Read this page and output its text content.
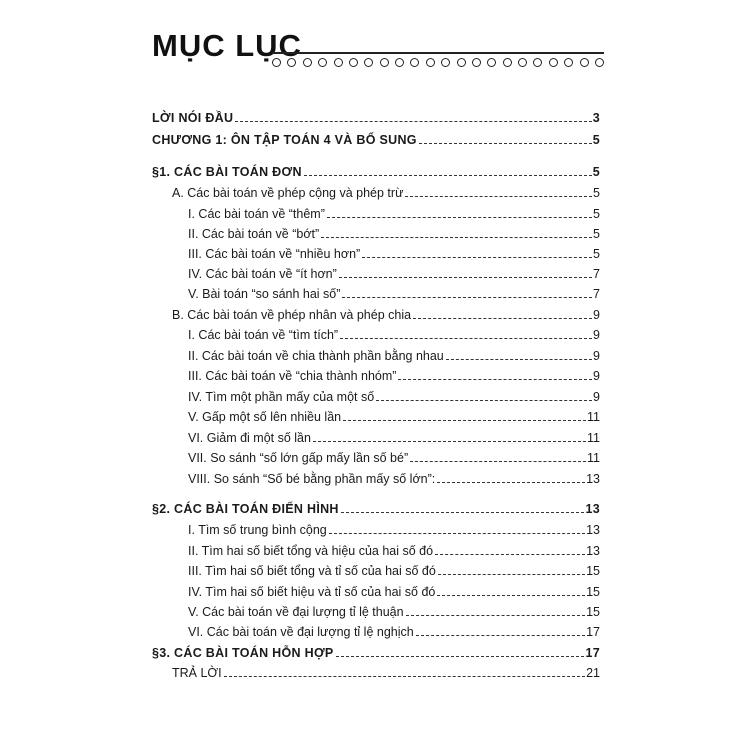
MỤC LỤC
LỜI NÓI ĐẦU	3
CHƯƠNG 1: ÔN TẬP TOÁN 4 VÀ BỔ SUNG	5
§1. CÁC BÀI TOÁN ĐƠN	5
A. Các bài toán về phép cộng và phép trừ	5
I. Các bài toán về “thêm”	5
II. Các bài toán về “bớt”	5
III. Các bài toán về “nhiều hơn”	5
IV. Các bài toán về “ít hơn”	7
V. Bài toán “so sánh hai số”	7
B. Các bài toán về phép nhân và phép chia	9
I. Các bài toán về “tìm tích”	9
II. Các bài toán về chia thành phần bằng nhau	9
III. Các bài toán về “chia thành nhóm”	9
IV. Tìm một phần mấy của một số	9
V. Gấp một số lên nhiều lần	11
VI. Giảm đi một số lần	11
VII. So sánh “số lớn gấp mấy lần số bé”	11
VIII. So sánh “Số bé bằng phần mấy số lớn”:	13
§2. CÁC BÀI TOÁN ĐIỂN HÌNH	13
I. Tìm số trung bình cộng	13
II. Tìm hai số biết tổng và hiệu của hai số đó	13
III. Tìm hai số biết tổng và tỉ số của hai số đó	15
IV. Tìm hai số biết hiệu và tỉ số của hai số đó	15
V. Các bài toán về đại lượng tỉ lệ thuận	15
VI. Các bài toán về đại lượng tỉ lệ nghịch	17
§3. CÁC BÀI TOÁN HỖN HỢP	17
TRẢ LỜI	21
